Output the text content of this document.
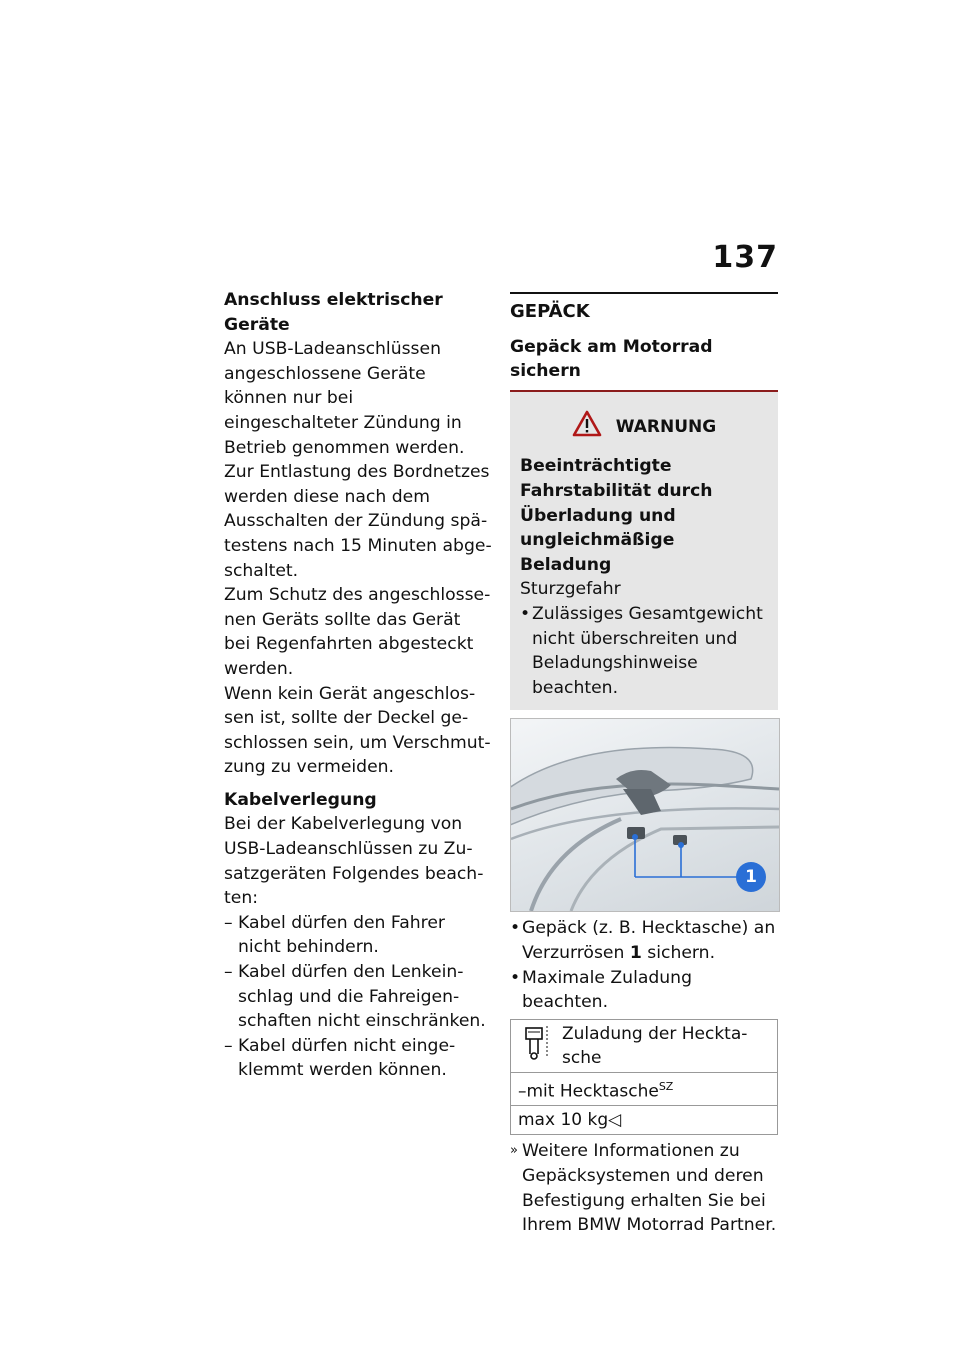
137

Anschluss elektrischer Geräte

An USB-Ladeanschlüssen angeschlossene Geräte können nur bei eingeschalteter Zündung in Betrieb genommen werden.

Zur Entlastung des Bordnetzes werden diese nach dem Ausschalten der Zündung spätestens nach 15 Minuten abgeschaltet.

Zum Schutz des angeschlossenen Geräts sollte das Gerät bei Regenfahrten abgesteckt werden.

Wenn kein Gerät angeschlossen ist, sollte der Deckel geschlossen sein, um Verschmutzung zu vermeiden.

Kabelverlegung

Bei der Kabelverlegung von USB-Ladeanschlüssen zu Zusatzgeräten Folgendes beachten:

– Kabel dürfen den Fahrer nicht behindern.
– Kabel dürfen den Lenkeinschlag und die Fahreigenschaften nicht einschränken.
– Kabel dürfen nicht eingeklemmt werden können.

GEPÄCK

Gepäck am Motorrad sichern

WARNUNG

Beeinträchtigte Fahrstabilität durch Überladung und ungleichmäßige Beladung

Sturzgefahr

• Zulässiges Gesamtgewicht nicht überschreiten und Beladungshinweise beachten.
1
• Gepäck (z. B. Hecktasche) an Verzurrösen 1 sichern.
• Maximale Zuladung beachten.
Zuladung der Hecktasche

–mit Hecktasche$^{SZ}$
max 10 kg◁

» Weitere Informationen zu Gepäcksystemen und deren Befestigung erhalten Sie bei Ihrem BMW Motorrad Partner.
